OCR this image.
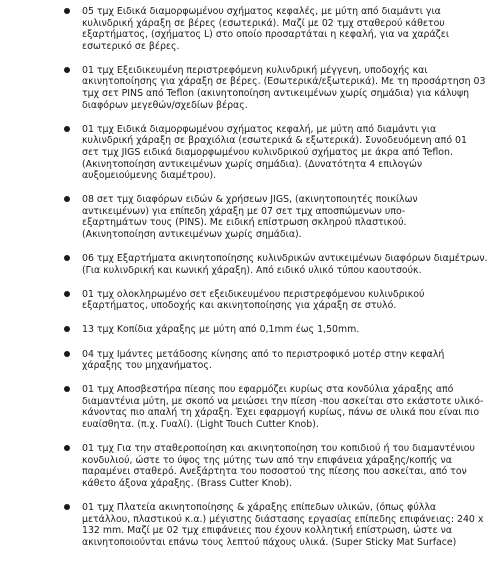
05 τμχ Ειδικά διαμορφωμένου σχήματος κεφαλές, με μύτη από διαμάντι για
κυλινδρική χάραξη σε βέρες (εσωτερικά). Μαζί με 02 τμχ σταθερού κάθετου
εξαρτήματος, (σχήματος L) στο οποίο προσαρτάται η κεφαλή, για να χαράζει
εσωτερικό σε βέρες.
01 τμχ Εξειδικευμένη περιστρεφόμενη κυλινδρική μέγγενη, υποδοχής και
ακινητοποίησης για χάραξη σε βέρες. (Εσωτερικά/εξωτερικά). Με τη προσάρτηση 03
τμχ σετ PINS από Teflon (ακινητοποίηση αντικειμένων χωρίς σημάδια) για κάλυψη
διαφόρων μεγεθών/σχεδίων βέρας.
01 τμχ Ειδικά διαμορφωμένου σχήματος κεφαλή, με μύτη από διαμάντι για
κυλινδρική χάραξη σε βραχιόλια (εσωτερικά & εξωτερικά). Συνοδευόμενη από 01
σετ τμχ JIGS ειδικά διαμορφωμένου κυλινδρικού σχήματος με άκρα από Teflon.
(Ακινητοποίηση αντικειμένων χωρίς σημάδια). (Δυνατότητα 4 επιλογών
αυξομειούμενης διαμέτρου).
08 σετ τμχ διαφόρων ειδών & χρήσεων JIGS, (ακινητοποιητές ποικίλων
αντικειμένων) για επίπεδη χάραξη με 07 σετ τμχ αποσπώμενων υπο-
εξαρτημάτων τους (PINS). Με ειδική επίστρωση σκληρού πλαστικού.
(Ακινητοποίηση αντικειμένων χωρίς σημάδια).
06 τμχ Εξαρτήματα ακινητοποίησης κυλινδρικών αντικειμένων διαφόρων διαμέτρων.
(Για κυλινδρική και κωνική χάραξη). Από ειδικό υλικό τύπου καουτσούκ.
01 τμχ ολοκληρωμένο σετ εξειδικευμένου περιστρεφόμενου κυλινδρικού
εξαρτήματος, υποδοχής και ακινητοποίησης για χάραξη σε στυλό.
13 τμχ Κοπίδια χάραξης με μύτη από 0,1mm έως 1,50mm.
04 τμχ Ιμάντες μετάδοσης κίνησης από το περιστροφικό μοτέρ στην κεφαλή
χάραξης του μηχανήματος.
01 τμχ Αποσβεστήρα πίεσης που εφαρμόζει κυρίως στα κονδύλια χάραξης από
διαμαντένια μύτη, με σκοπό να μειώσει την πίεση -που ασκείται στο εκάστοτε υλικό-
κάνοντας πιο απαλή τη χάραξη. Έχει εφαρμογή κυρίως, πάνω σε υλικά που είναι πιο
ευαίσθητα. (π.χ. Γυαλί). (Light Touch Cutter Knob).
01 τμχ Για την σταθεροποίηση και ακινητοποίηση του κοπιδιού ή του διαμαντένιου
κονδυλιού, ώστε το ύψος της μύτης των από την επιφάνεια χάραξης/κοπής να
παραμένει σταθερό. Ανεξάρτητα του ποσοστού της πίεσης που ασκείται, από τον
κάθετο άξονα χάραξης. (Brass Cutter Knob).
01 τμχ Πλατεία ακινητοποίησης & χάραξης επίπεδων υλικών, (όπως φύλλα
μετάλλου, πλαστικού κ.α.) μέγιστης διάστασης εργασίας επίπεδης επιφάνειας: 240 x
132 mm. Μαζί με 02 τμχ επιφάνειες που έχουν κολλητική επίστρωση, ώστε να
ακινητοποιούνται επάνω τους λεπτού πάχους υλικά. (Super Sticky Mat Surface)
